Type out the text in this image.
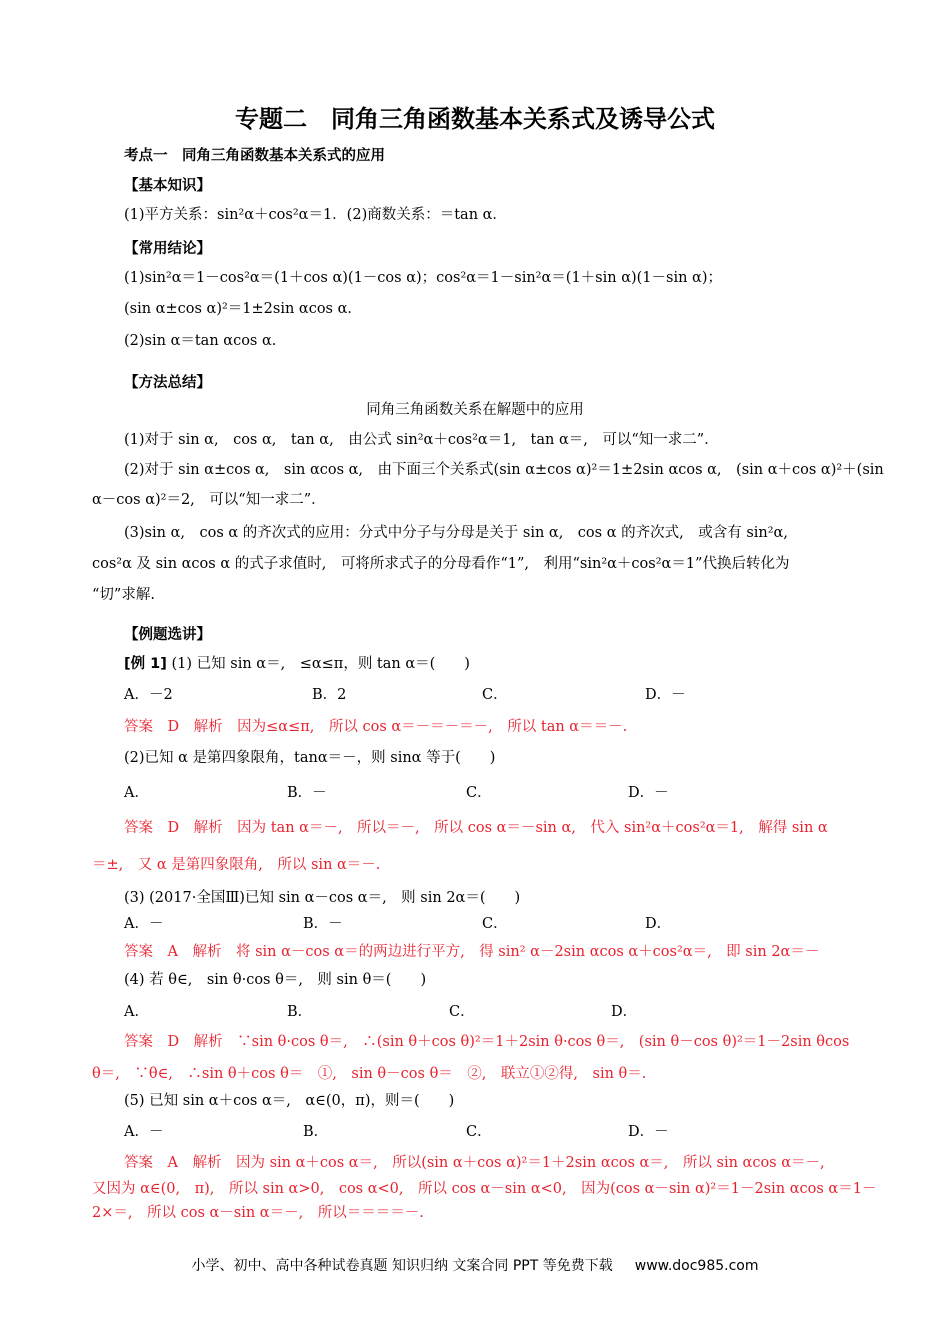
专题二　同角三角函数基本关系式及诱导公式
考点一　同角三角函数基本关系式的应用
【基本知识】
(1)平方关系：sin²α＋cos²α＝1．(2)商数关系：＝tan α．
【常用结论】
(1)sin²α＝1－cos²α＝(1＋cos α)(1－cos α)；cos²α＝1－sin²α＝(1＋sin α)(1－sin α)；
(sin α±cos α)²＝1±2sin αcos α．
(2)sin α＝tan αcos α.
【方法总结】
同角三角函数关系在解题中的应用
(1)对于 sin α,　cos α,　tan α,　由公式 sin²α＋cos²α＝1,　tan α＝,　可以“知一求二”．
(2)对于 sin α±cos α,　sin αcos α,　由下面三个关系式(sin α±cos α)²＝1±2sin αcos α,　(sin α＋cos α)²＋(sin
α－cos α)²＝2,　可以“知一求二”．
(3)sin α,　cos α 的齐次式的应用：分式中分子与分母是关于 sin α,　cos α 的齐次式,　或含有 sin²α,
cos²α 及 sin αcos α 的式子求值时,　可将所求式子的分母看作“1”,　利用“sin²α＋cos²α＝1”代换后转化为
“切”求解.
【例题选讲】
[例 1] (1) 已知 sin α＝,　≤α≤π，则 tan α＝(　　)
A．－2	B．2	C．	D．－
答案　D　解析　因为≤α≤π,　所以 cos α＝－＝－＝－,　所以 tan α＝＝－.
(2)已知 α 是第四象限角，tanα＝－，则 sinα 等于(　　)
A．	B．－	C．	D．－
答案　D　解析　因为 tan α＝－,　所以＝－,　所以 cos α＝－sin α,　代入 sin²α＋cos²α＝1,　解得 sin α
＝±,　又 α 是第四象限角,　所以 sin α＝－.
(3) (2017·全国Ⅲ)已知 sin α－cos α＝,　则 sin 2α＝(　　)
A．－	B．－	C．	D．
答案　A　解析　将 sin α－cos α＝的两边进行平方,　得 sin² α－2sin αcos α＋cos²α＝,　即 sin 2α＝－
(4) 若 θ∈,　sin θ·cos θ＝,　则 sin θ＝(　　)
A．	B．	C．	D．
答案　D　解析　∵sin θ·cos θ＝,　∴(sin θ＋cos θ)²＝1＋2sin θ·cos θ＝,　(sin θ－cos θ)²＝1－2sin θcos
θ＝,　∵θ∈,　∴sin θ＋cos θ＝　①,　sin θ－cos θ＝　②,　联立①②得,　sin θ＝.
(5) 已知 sin α＋cos α＝,　α∈(0，π)，则＝(　　)
A．－	B．	C．	D．－
答案　A　解析　因为 sin α＋cos α＝,　所以(sin α＋cos α)²＝1＋2sin αcos α＝,　所以 sin αcos α＝－,
又因为 α∈(0,　π),　所以 sin α>0,　cos α<0,　所以 cos α－sin α<0,　因为(cos α－sin α)²＝1－2sin αcos α＝1－
2×＝,　所以 cos α－sin α＝－,　所以＝＝＝＝－.
小学、初中、高中各种试卷真题 知识归纳 文案合同 PPT 等免费下载 www.doc985.com
